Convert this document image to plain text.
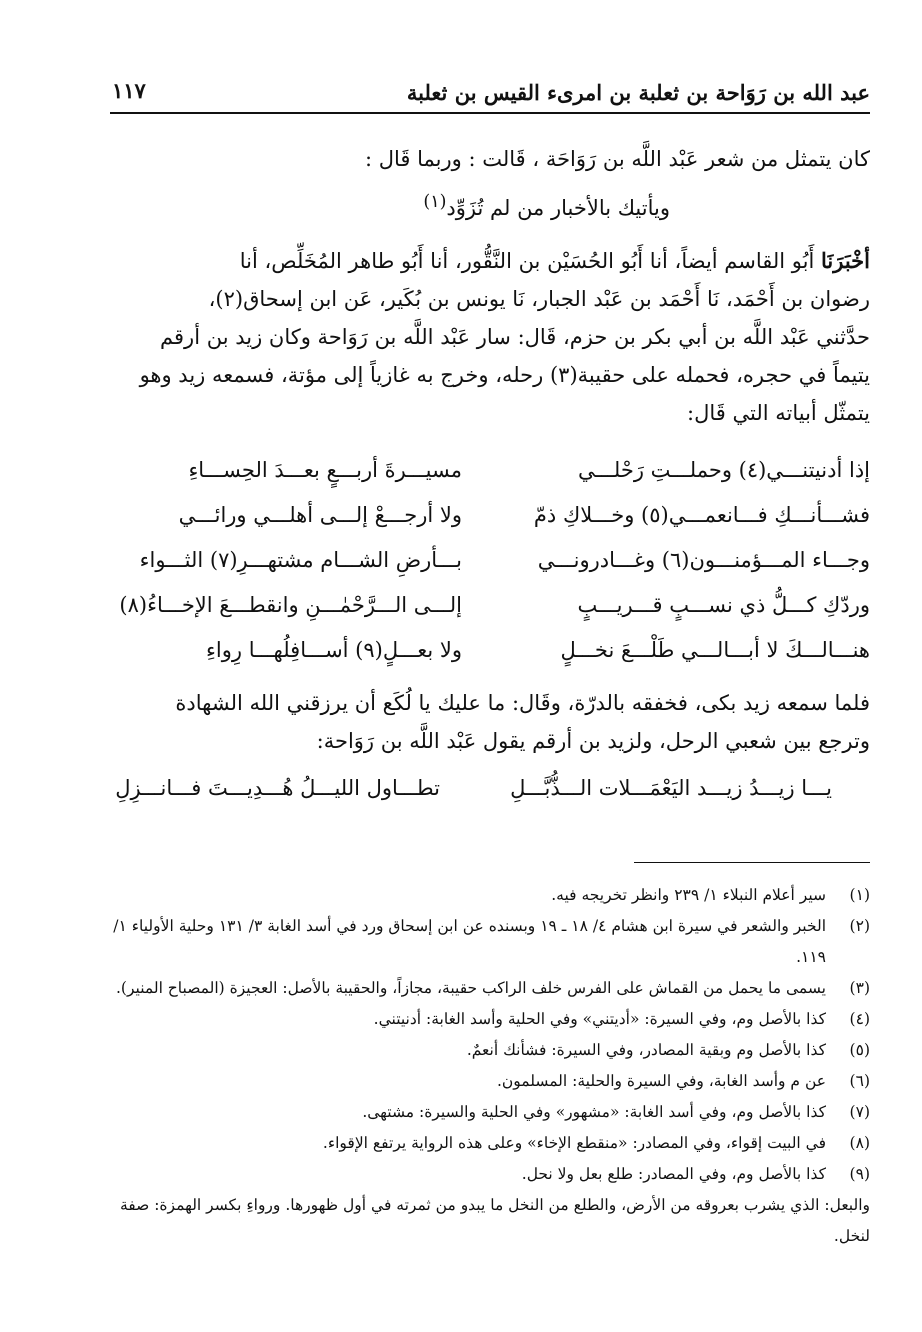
عبد الله بن رَوَاحة بن ثعلبة بن امرىء القيس بن ثعلبة
١١٧
كان يتمثل من شعر عَبْد اللَّه بن رَوَاحَة ، قَالت : وربما قَال :
ويأتيك بالأخبار من لم تُزَوِّد$^{(١)}$
أخْبَرَنَا أَبُو القاسم أيضاً، أنا أَبُو الحُسَيْن بن النَّقُّور، أنا أَبُو طاهر المُخَلِّص، أنا
رضوان بن أَحْمَد، نَا أَحْمَد بن عَبْد الجبار، نَا يونس بن بُكَير، عَن ابن إسحاق(٢)،
حدَّثني عَبْد اللَّه بن أبي بكر بن حزم، قَال: سار عَبْد اللَّه بن رَوَاحة وكان زيد بن أرقم
يتيماً في حجره، فحمله على حقيبة(٣) رحله، وخرج به غازياً إلى مؤتة، فسمعه زيد وهو
يتمثّل أبياته التي قَال:
إذا أدنيتنـــي(٤) وحملـــتِ رَحْلـــي
مسيـــرةَ أربـــعٍ بعـــدَ الحِســـاءِ
فشـــأنـــكِ فـــانعمـــي(٥) وخـــلاكِ ذمّ
ولا أرجـــعْ إلـــى أهلـــي ورائـــي
وجـــاء المـــؤمنـــون(٦) وغـــادرونـــي
بـــأرضِ الشـــام مشتهـــرِ(٧) الثـــواء
وردّكِ كـــلُّ ذي نســـبٍ قـــريـــبٍ
إلـــى الـــرَّحْمٰـــنِ وانقطـــعَ الإخـــاءُ(٨)
هنـــالـــكَ لا أبـــالـــي طَلْـــعَ نخـــلٍ
ولا بعـــلٍ(٩) أســـافِلُهـــا رِواءِ
فلما سمعه زيد بكى، فخفقه بالدرّة، وقَال: ما عليك يا لُكَع أن يرزقني الله الشهادة
وترجع بين شعبي الرحل، ولزيد بن أرقم يقول عَبْد اللَّه بن رَوَاحة:
يـــا زيـــدُ زيـــد اليَعْمَـــلات الـــذُّبَّـــلِ
تطـــاول الليـــلُ هُـــدِيـــتَ فـــانـــزِلِ
(١)
سير أعلام النبلاء ١/ ٢٣٩ وانظر تخريجه فيه.
(٢)
الخبر والشعر في سيرة ابن هشام ٤/ ١٨ ـ ١٩ وبسنده عن ابن إسحاق ورد في أسد الغابة ٣/ ١٣١ وحلية الأولياء ١/ ١١٩.
(٣)
يسمى ما يحمل من القماش على الفرس خلف الراكب حقيبة، مجازاً، والحقيبة بالأصل: العجيزة (المصباح المنير).
(٤)
كذا بالأصل وم، وفي السيرة: «أديتني» وفي الحلية وأسد الغابة: أدنيتني.
(٥)
كذا بالأصل وم وبقية المصادر، وفي السيرة: فشأنك أنعمٌ.
(٦)
عن م وأسد الغابة، وفي السيرة والحلية: المسلمون.
(٧)
كذا بالأصل وم، وفي أسد الغابة: «مشهور» وفي الحلية والسيرة: مشتهى.
(٨)
في البيت إقواء، وفي المصادر: «منقطع الإخاء» وعلى هذه الرواية يرتفع الإقواء.
(٩)
كذا بالأصل وم، وفي المصادر: طلع بعل ولا نحل.
والبعل: الذي يشرب بعروقه من الأرض، والطلع من النخل ما يبدو من ثمرته في أول ظهورها. ورواءِ بكسر الهمزة: صفة لنخل.
